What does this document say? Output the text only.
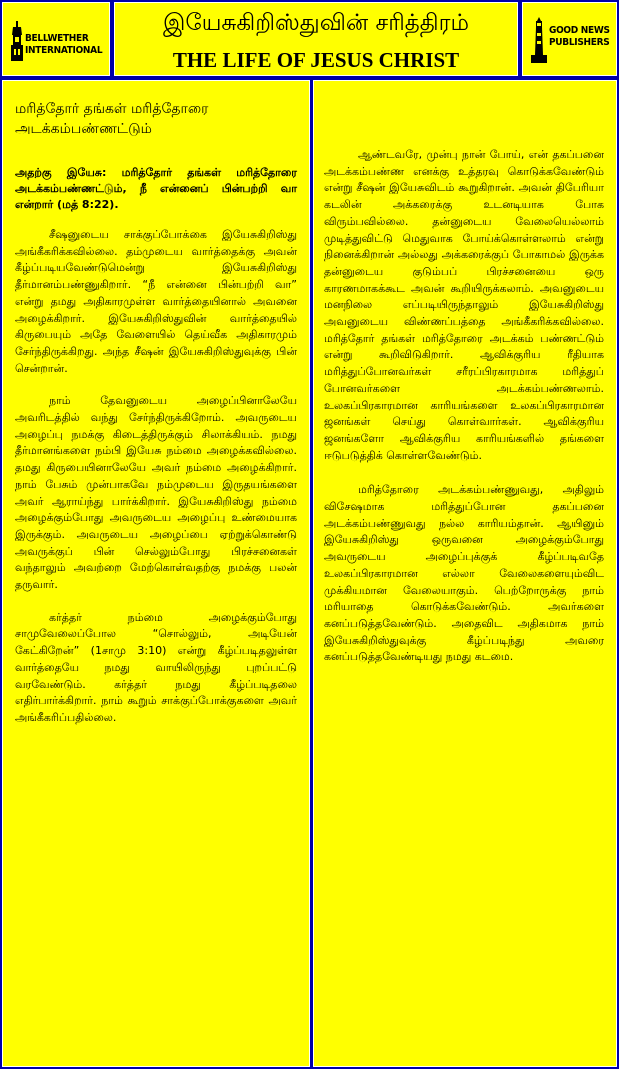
BELLWETHER
INTERNATIONAL
இயேசுகிறிஸ்துவின் சரித்திரம்
THE LIFE OF JESUS CHRIST
GOOD NEWS
PUBLISHERS
மரித்தோர் தங்கள் மரித்தோரை அடக்கம்பண்ணட்டும்
அதற்கு இயேசு: மரித்தோர் தங்கள் மரித்தோரை அடக்கம்பண்ணட்டும், நீ என்னைப் பின்பற்றி வா என்றார் (மத் 8:22).
சீஷனுடைய சாக்குப்போக்கை இயேசுகிறிஸ்து அங்கீகரிக்கவில்லை. தம்முடைய வார்த்தைக்கு அவன் கீழ்ப்படியவேண்டுமென்று இயேசுகிறிஸ்து தீர்மானம்பண்ணுகிறார். “நீ என்னை பின்பற்றி வா” என்று தமது அதிகாரமுள்ள வார்த்தையினால் அவனை அழைக்கிறார். இயேசுகிறிஸ்துவின் வார்த்தையில் கிருபையும் அதே வேளையில் தெய்வீக அதிகாரமும் சேர்ந்திருக்கிறது. அந்த சீஷன் இயேசுகிறிஸ்துவுக்கு பின் சென்றான்.
நாம் தேவனுடைய அழைப்பினாலேயே அவரிடத்தில் வந்து சேர்ந்திருக்கிறோம். அவருடைய அழைப்பு நமக்கு கிடைத்திருக்கும் சிலாக்கியம். நமது தீர்மானங்களை நம்பி இயேசு நம்மை அழைக்கவில்லை. தமது கிருபையினாலேயே அவர் நம்மை அழைக்கிறார். நாம் பேசும் முன்பாகவே நம்முடைய இருதயங்களை அவர் ஆராய்ந்து பார்க்கிறார். இயேசுகிறிஸ்து நம்மை அழைக்கும்போது அவருடைய அழைப்பு உண்மையாக இருக்கும். அவருடைய அழைப்பை ஏற்றுக்கொண்டு அவருக்குப் பின் செல்லும்போது பிரச்சனைகள் வந்தாலும் அவற்றை மேற்கொள்வதற்கு நமக்கு பலன் தருவார்.
கர்த்தர் நம்மை அழைக்கும்போது சாமுவேலைப்போல “சொல்லும், அடியேன் கேட்கிறேன்” (1சாமு 3:10) என்று கீழ்ப்படிதலுள்ள வார்த்தையே நமது வாயிலிருந்து புறப்பட்டு வரவேண்டும். கர்த்தர் நமது கீழ்ப்படிதலை எதிர்பார்க்கிறார். நாம் கூறும் சாக்குப்போக்குகளை அவர் அங்கீகரிப்பதில்லை.
ஆண்டவரே, முன்பு நான் போய், என் தகப்பனை அடக்கம்பண்ண எனக்கு உத்தரவு கொடுக்கவேண்டும் என்று சீஷன் இயேசுவிடம் கூறுகிறான். அவன் திபேரியா கடலின் அக்கரைக்கு உடனடியாக போக விரும்பவில்லை. தன்னுடைய வேலையெல்லாம் முடித்துவிட்டு மெதுவாக போய்க்கொள்ளலாம் என்று நினைக்கிறான் அல்லது அக்கரைக்குப் போகாமல் இருக்க தன்னுடைய குடும்பப் பிரச்சனையை ஒரு காரணமாகக்கூட அவன் கூறியிருக்கலாம். அவனுடைய மனநிலை எப்படியிருந்தாலும் இயேசுகிறிஸ்து அவனுடைய விண்ணப்பத்தை அங்கீகரிக்கவில்லை. மரித்தோர் தங்கள் மரித்தோரை அடக்கம் பண்ணட்டும் என்று கூறிவிடுகிறார். ஆவிக்குரிய ரீதியாக மரித்துப்போனவர்கள் சரீரப்பிரகாரமாக மரித்துப் போனவர்களை அடக்கம்பண்ணலாம். உலகப்பிரகாரமான காரியங்களை உலகப்பிரகாரமான ஜனங்கள் செய்து கொள்வார்கள். ஆவிக்குரிய ஜனங்களோ ஆவிக்குரிய காரியங்களில் தங்களை ஈடுபடுத்திக் கொள்ளவேண்டும்.
மரித்தோரை அடக்கம்பண்ணுவது, அதிலும் விசேஷமாக மரித்துப்போன தகப்பனை அடக்கம்பண்ணுவது நல்ல காரியம்தான். ஆயினும் இயேசுகிறிஸ்து ஒருவனை அழைக்கும்போது அவருடைய அழைப்புக்குக் கீழ்ப்படிவதே உலகப்பிரகாரமான எல்லா வேலைகளையும்விட முக்கியமான வேலையாகும். பெற்றோருக்கு நாம் மரியாதை கொடுக்கவேண்டும். அவர்களை கனப்படுத்தவேண்டும். அதைவிட அதிகமாக நாம் இயேசுகிறிஸ்துவுக்கு கீழ்ப்படிந்து அவரை கனப்படுத்தவேண்டியது நமது கடமை.
